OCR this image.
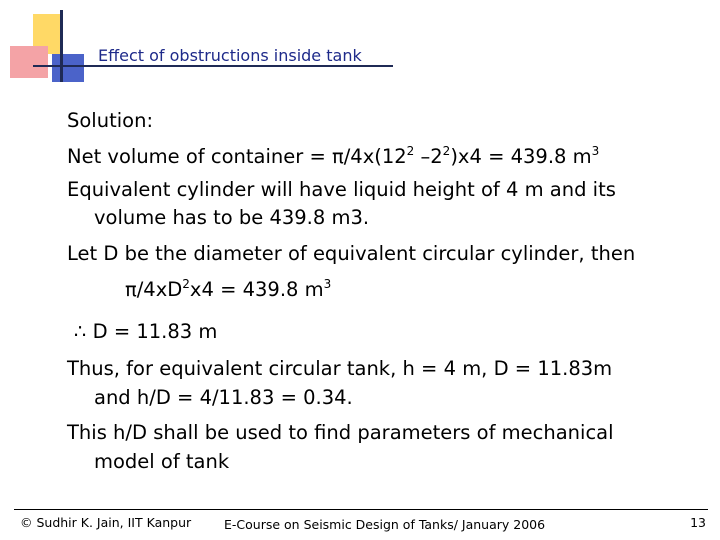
Effect of obstructions inside tank
Solution:
Net volume of container = $\pi/4x(12^2$ $-2^2)x4 = 439.8$ $m^3$
Equivalent cylinder will have liquid height of 4 m and its
volume has to be 439.8 m3.
Let D be the diameter of equivalent circular cylinder, then
$\pi/4xD^2x4 = 439.8$ $m^3$
∴ D = 11.83 m
Thus, for equivalent circular tank, h = 4 m, D = 11.83m
and h/D = 4/11.83 = 0.34.
This h/D shall be used to find parameters of mechanical
model of tank
© Sudhir K. Jain, IIT Kanpur	E-Course on Seismic Design of Tanks/ January 2006	13
